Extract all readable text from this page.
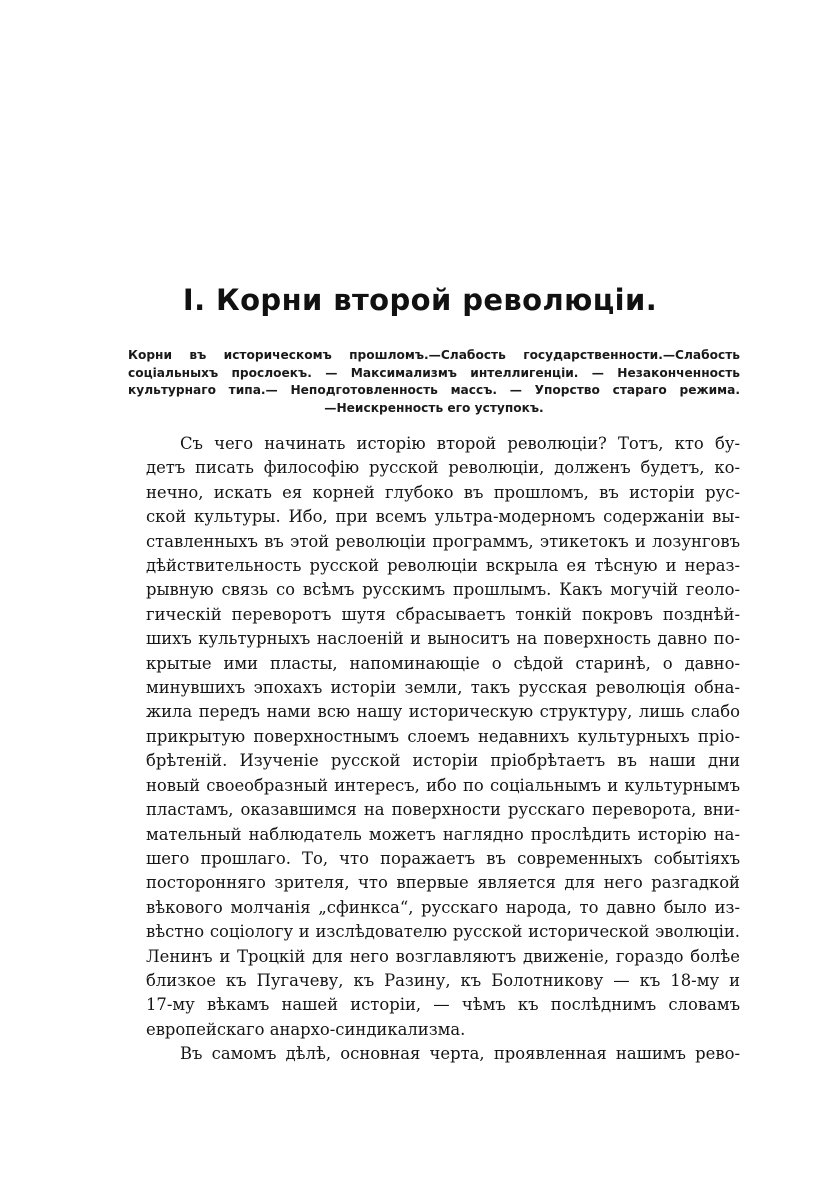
I. Корни второй революціи.
Корни въ историческомъ прошломъ.—Слабость государственности.—Слабость
соціальныхъ прослоекъ. — Максимализмъ интеллигенціи. — Незаконченность
культурнаго типа.— Неподготовленность массъ. — Упорство стараго режима.
—Неискренность его уступокъ.
Съ чего начинать исторію второй революціи? Тотъ, кто бу-
детъ писать философію русской революціи, долженъ будетъ, ко-
нечно, искать ея корней глубоко въ прошломъ, въ исторіи рус-
ской культуры. Ибо, при всемъ ультра-модерномъ содержаніи вы-
ставленныхъ въ этой революціи программъ, этикетокъ и лозунговъ
дѣйствительность русской революціи вскрыла ея тѣсную и нераз-
рывную связь со всѣмъ русскимъ прошлымъ. Какъ могучій геоло-
гическій переворотъ шутя сбрасываетъ тонкій покровъ позднѣй-
шихъ культурныхъ наслоеній и выноситъ на поверхность давно по-
крытые ими пласты, напоминающіе о сѣдой старинѣ, о давно-
минувшихъ эпохахъ исторіи земли, такъ русская революція обна-
жила передъ нами всю нашу историческую структуру, лишь слабо
прикрытую поверхностнымъ слоемъ недавнихъ культурныхъ пріо-
брѣтеній. Изученіе русской исторіи пріобрѣтаетъ въ наши дни
новый своеобразный интересъ, ибо по соціальнымъ и культурнымъ
пластамъ, оказавшимся на поверхности русскаго переворота, вни-
мательный наблюдатель можетъ наглядно прослѣдить исторію на-
шего прошлаго. То, что поражаетъ въ современныхъ событіяхъ
посторонняго зрителя, что впервые является для него разгадкой
вѣкового молчанія „сфинкса“, русскаго народа, то давно было из-
вѣстно соціологу и изслѣдователю русской исторической эволюціи.
Ленинъ и Троцкій для него возглавляютъ движеніе, гораздо болѣе
близкое къ Пугачеву, къ Разину, къ Болотникову — къ 18-му и
17-му вѣкамъ нашей исторіи, — чѣмъ къ послѣднимъ словамъ
европейскаго анархо-синдикализма.
Въ самомъ дѣлѣ, основная черта, проявленная нашимъ рево-
